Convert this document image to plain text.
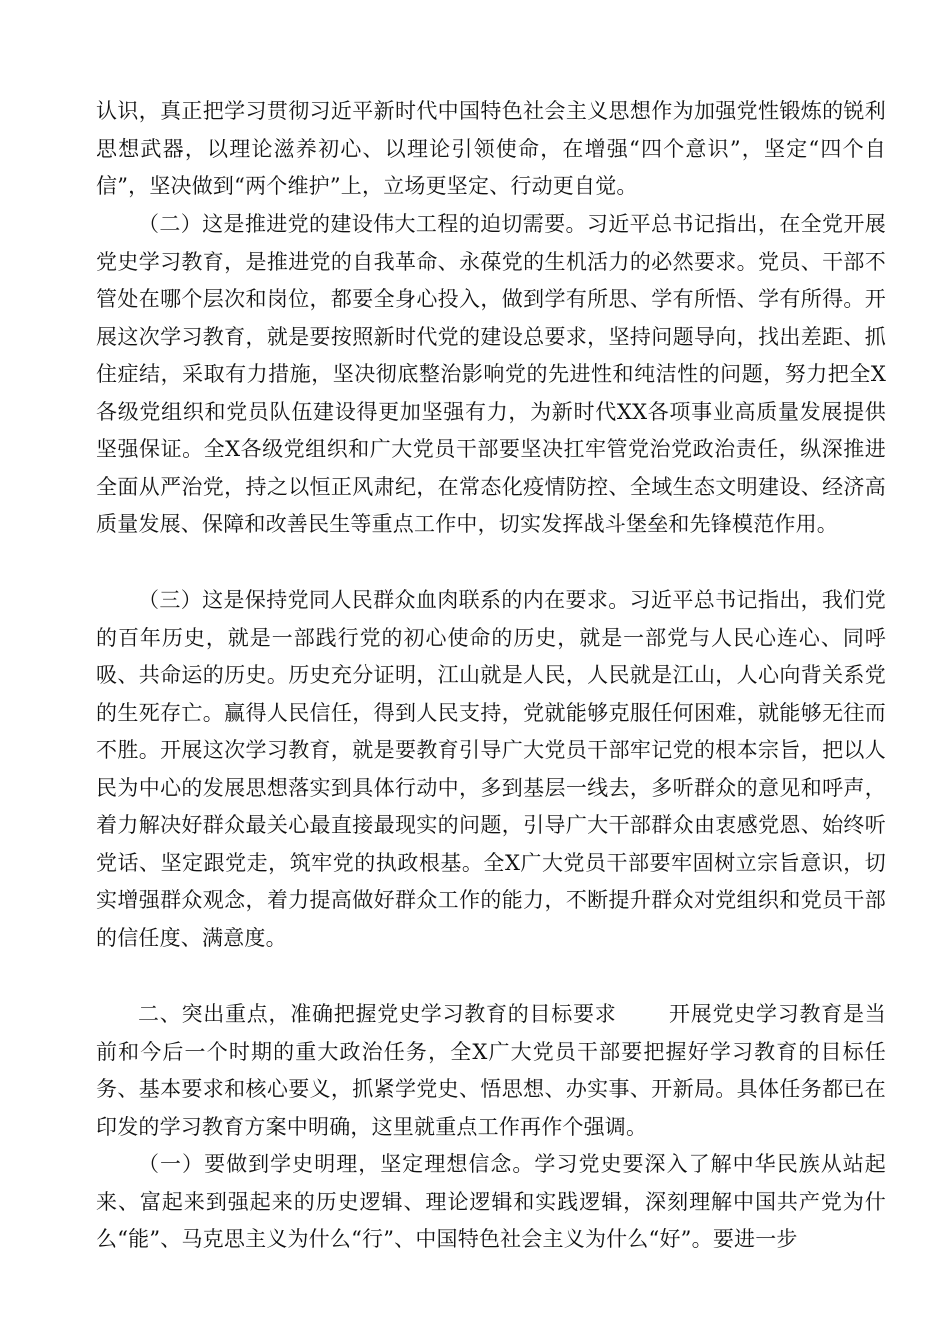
认识，真正把学习贯彻习近平新时代中国特色社会主义思想作为加强党性锻炼的锐利思想武器，以理论滋养初心、以理论引领使命，在增强“四个意识”，坚定“四个自信”，坚决做到“两个维护”上，立场更坚定、行动更自觉。

（二）这是推进党的建设伟大工程的迫切需要。习近平总书记指出，在全党开展党史学习教育，是推进党的自我革命、永葆党的生机活力的必然要求。党员、干部不管处在哪个层次和岗位，都要全身心投入，做到学有所思、学有所悟、学有所得。开展这次学习教育，就是要按照新时代党的建设总要求，坚持问题导向，找出差距、抓住症结，采取有力措施，坚决彻底整治影响党的先进性和纯洁性的问题，努力把全X各级党组织和党员队伍建设得更加坚强有力，为新时代XX各项事业高质量发展提供坚强保证。全X各级党组织和广大党员干部要坚决扛牢管党治党政治责任，纵深推进全面从严治党，持之以恒正风肃纪，在常态化疫情防控、全域生态文明建设、经济高质量发展、保障和改善民生等重点工作中，切实发挥战斗堡垒和先锋模范作用。

（三）这是保持党同人民群众血肉联系的内在要求。习近平总书记指出，我们党的百年历史，就是一部践行党的初心使命的历史，就是一部党与人民心连心、同呼吸、共命运的历史。历史充分证明，江山就是人民，人民就是江山，人心向背关系党的生死存亡。赢得人民信任，得到人民支持，党就能够克服任何困难，就能够无往而不胜。开展这次学习教育，就是要教育引导广大党员干部牢记党的根本宗旨，把以人民为中心的发展思想落实到具体行动中，多到基层一线去，多听群众的意见和呼声，着力解决好群众最关心最直接最现实的问题，引导广大干部群众由衷感党恩、始终听党话、坚定跟党走，筑牢党的执政根基。全X广大党员干部要牢固树立宗旨意识，切实增强群众观念，着力提高做好群众工作的能力，不断提升群众对党组织和党员干部的信任度、满意度。

二、突出重点，准确把握党史学习教育的目标要求 开展党史学习教育是当前和今后一个时期的重大政治任务，全X广大党员干部要把握好学习教育的目标任务、基本要求和核心要义，抓紧学党史、悟思想、办实事、开新局。具体任务都已在印发的学习教育方案中明确，这里就重点工作再作个强调。

（一）要做到学史明理，坚定理想信念。学习党史要深入了解中华民族从站起来、富起来到强起来的历史逻辑、理论逻辑和实践逻辑，深刻理解中国共产党为什么“能”、马克思主义为什么“行”、中国特色社会主义为什么“好”。要进一步
